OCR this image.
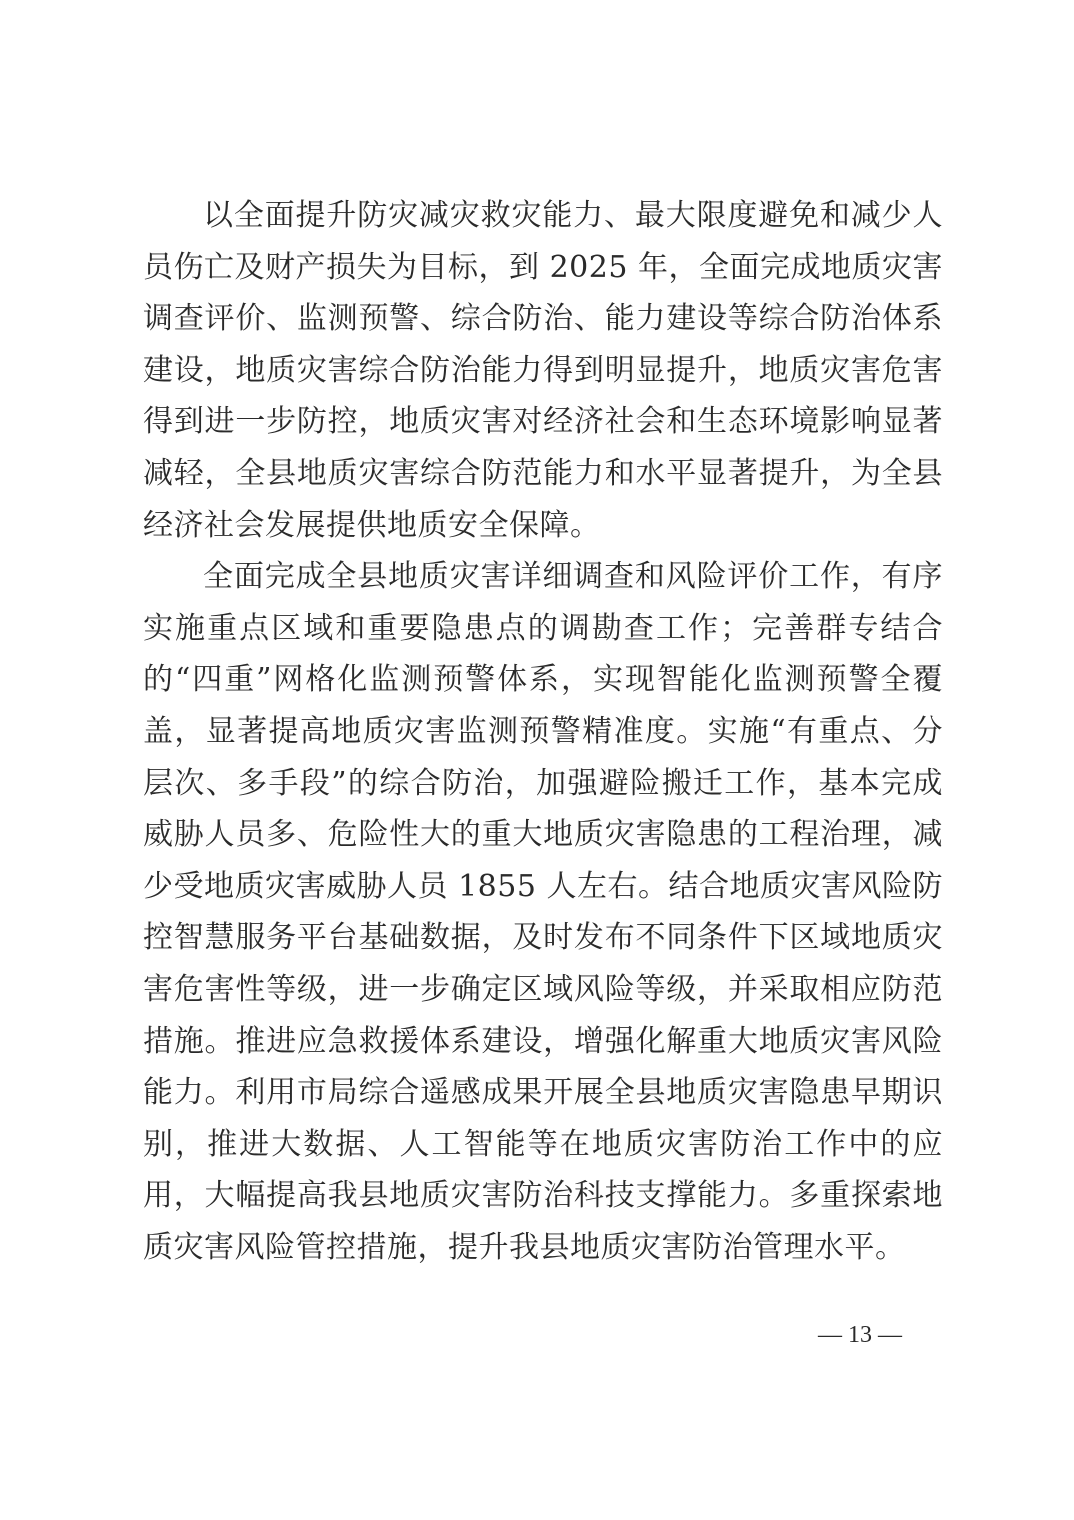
以全面提升防灾减灾救灾能力、最大限度避免和减少人员伤亡及财产损失为目标，到 2025 年，全面完成地质灾害调查评价、监测预警、综合防治、能力建设等综合防治体系建设，地质灾害综合防治能力得到明显提升，地质灾害危害得到进一步防控，地质灾害对经济社会和生态环境影响显著减轻，全县地质灾害综合防范能力和水平显著提升，为全县经济社会发展提供地质安全保障。

全面完成全县地质灾害详细调查和风险评价工作，有序实施重点区域和重要隐患点的调勘查工作；完善群专结合的“四重”网格化监测预警体系，实现智能化监测预警全覆盖，显著提高地质灾害监测预警精准度。实施“有重点、分层次、多手段”的综合防治，加强避险搬迁工作，基本完成威胁人员多、危险性大的重大地质灾害隐患的工程治理，减少受地质灾害威胁人员 1855 人左右。结合地质灾害风险防控智慧服务平台基础数据，及时发布不同条件下区域地质灾害危害性等级，进一步确定区域风险等级，并采取相应防范措施。推进应急救援体系建设，增强化解重大地质灾害风险能力。利用市局综合遥感成果开展全县地质灾害隐患早期识别，推进大数据、人工智能等在地质灾害防治工作中的应用，大幅提高我县地质灾害防治科技支撑能力。多重探索地质灾害风险管控措施，提升我县地质灾害防治管理水平。

— 13 —
